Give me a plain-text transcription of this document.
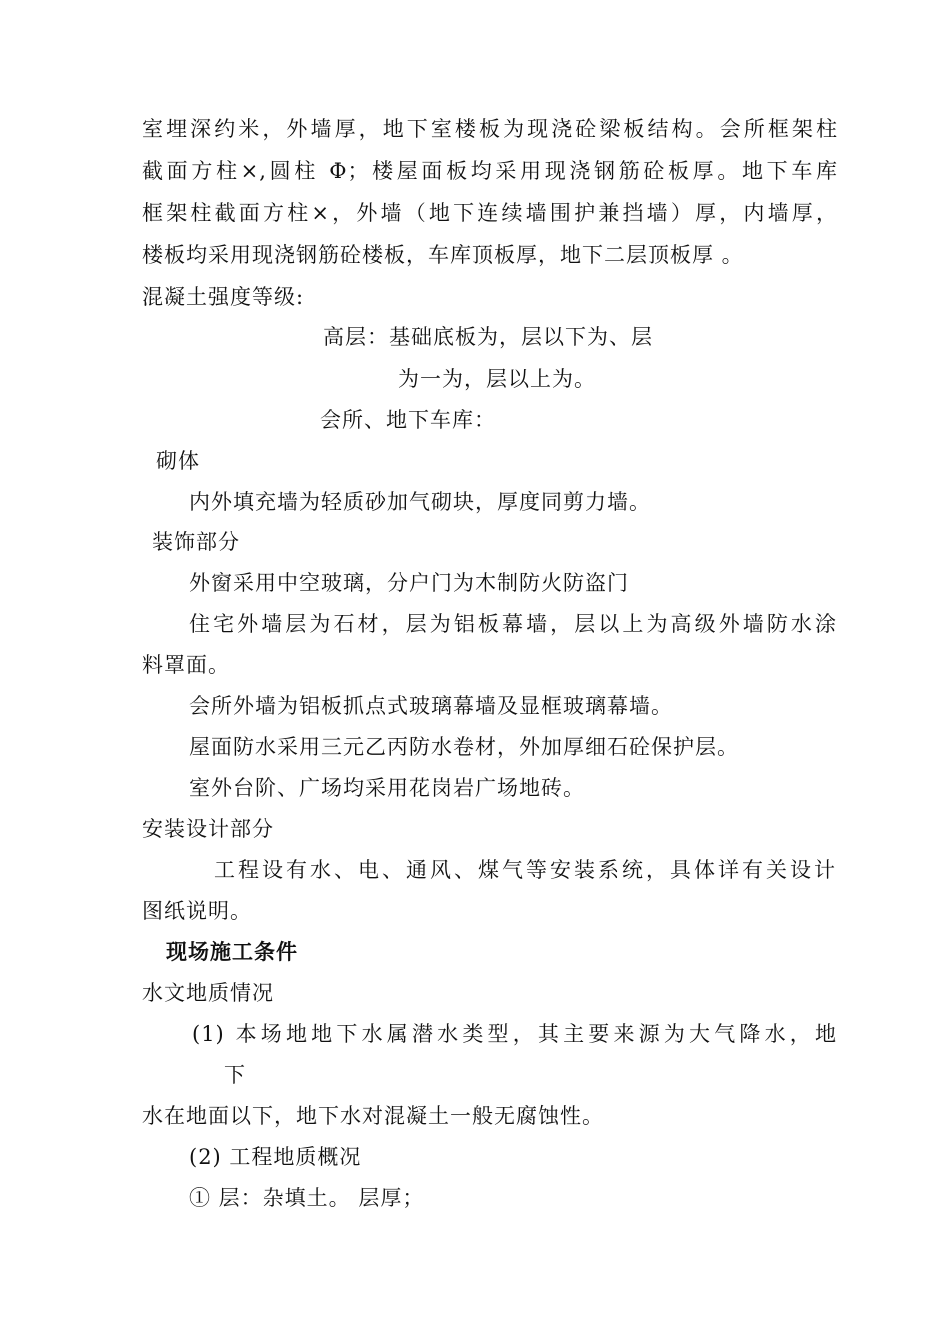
室埋深约米，外墙厚，地下室楼板为现浇砼梁板结构。会所框架柱
截面方柱×,圆柱 Φ；楼屋面板均采用现浇钢筋砼板厚。地下车库
框架柱截面方柱×，外墙（地下连续墙围护兼挡墙）厚，内墙厚，
楼板均采用现浇钢筋砼楼板，车库顶板厚，地下二层顶板厚 。
混凝土强度等级:
高层：基础底板为，层以下为、层
为一为，层以上为。
会所、地下车库：
砌体
内外填充墙为轻质砂加气砌块，厚度同剪力墙。
装饰部分
外窗采用中空玻璃，分户门为木制防火防盗门
住宅外墙层为石材，层为铝板幕墙，层以上为高级外墙防水涂
料罩面。
会所外墙为铝板抓点式玻璃幕墙及显框玻璃幕墙。
屋面防水采用三元乙丙防水卷材，外加厚细石砼保护层。
室外台阶、广场均采用花岗岩广场地砖。
安装设计部分
工程设有水、电、通风、煤气等安装系统，具体详有关设计
图纸说明。
现场施工条件
水文地质情况
(1) 本场地地下水属潜水类型，其主要来源为大气降水，地
下
水在地面以下，地下水对混凝土一般无腐蚀性。
(2) 工程地质概况
① 层：杂填土。 层厚；
